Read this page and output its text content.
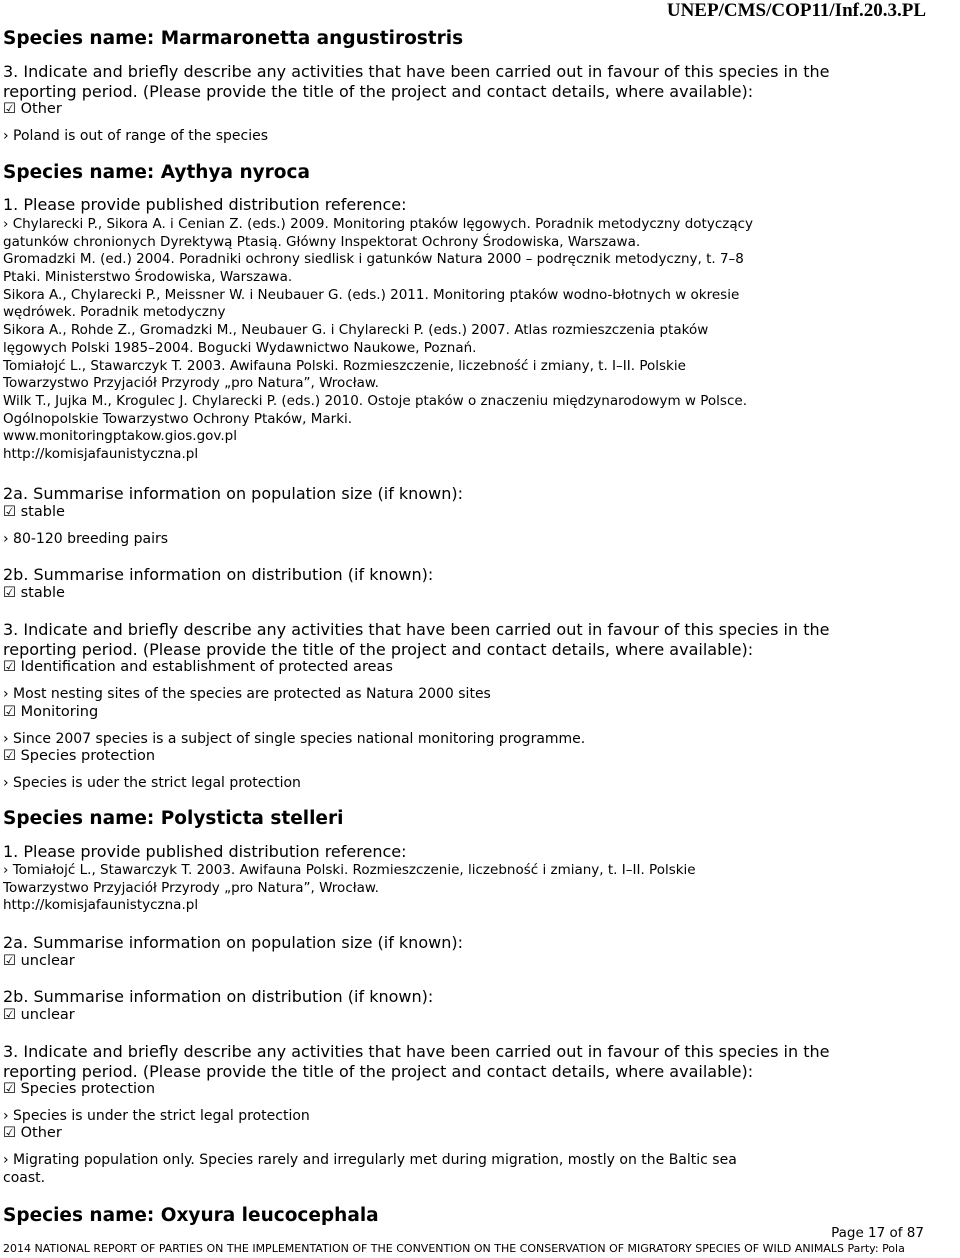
UNEP/CMS/COP11/Inf.20.3.PL
Species name: Marmaronetta angustirostris
3. Indicate and briefly describe any activities that have been carried out in favour of this species in the
reporting period. (Please provide the title of the project and contact details, where available):
☑ Other
› Poland is out of range of the species
Species name: Aythya nyroca
1. Please provide published distribution reference:
› Chylarecki P., Sikora A. i Cenian Z. (eds.) 2009. Monitoring ptaków lęgowych. Poradnik metodyczny dotyczący
gatunków chronionych Dyrektywą Ptasią. Główny Inspektorat Ochrony Środowiska, Warszawa.
Gromadzki M. (ed.) 2004. Poradniki ochrony siedlisk i gatunków Natura 2000 – podręcznik metodyczny, t. 7–8
Ptaki. Ministerstwo Środowiska, Warszawa.
Sikora A., Chylarecki P., Meissner W. i Neubauer G. (eds.) 2011. Monitoring ptaków wodno-błotnych w okresie
wędrówek. Poradnik metodyczny
Sikora A., Rohde Z., Gromadzki M., Neubauer G. i Chylarecki P. (eds.) 2007. Atlas rozmieszczenia ptaków
lęgowych Polski 1985–2004. Bogucki Wydawnictwo Naukowe, Poznań.
Tomiałojć L., Stawarczyk T. 2003. Awifauna Polski. Rozmieszczenie, liczebność i zmiany, t. I–II. Polskie
Towarzystwo Przyjaciół Przyrody „pro Natura”, Wrocław.
Wilk T., Jujka M., Krogulec J. Chylarecki P. (eds.) 2010. Ostoje ptaków o znaczeniu międzynarodowym w Polsce.
Ogólnopolskie Towarzystwo Ochrony Ptaków, Marki.
www.monitoringptakow.gios.gov.pl
http://komisjafaunistyczna.pl
2a. Summarise information on population size (if known):
☑ stable
› 80-120 breeding pairs
2b. Summarise information on distribution (if known):
☑ stable
3. Indicate and briefly describe any activities that have been carried out in favour of this species in the
reporting period. (Please provide the title of the project and contact details, where available):
☑ Identification and establishment of protected areas
› Most nesting sites of the species are protected as Natura 2000 sites
☑ Monitoring
› Since 2007 species is a subject of single species national monitoring programme.
☑ Species protection
› Species is uder the strict legal protection
Species name: Polysticta stelleri
1. Please provide published distribution reference:
› Tomiałojć L., Stawarczyk T. 2003. Awifauna Polski. Rozmieszczenie, liczebność i zmiany, t. I–II. Polskie
Towarzystwo Przyjaciół Przyrody „pro Natura”, Wrocław.
http://komisjafaunistyczna.pl
2a. Summarise information on population size (if known):
☑ unclear
2b. Summarise information on distribution (if known):
☑ unclear
3. Indicate and briefly describe any activities that have been carried out in favour of this species in the
reporting period. (Please provide the title of the project and contact details, where available):
☑ Species protection
› Species is under the strict legal protection
☑ Other
› Migrating population only. Species rarely and irregularly met during migration, mostly on the Baltic sea
coast.
Species name: Oxyura leucocephala
Page 17 of 87
2014 NATIONAL REPORT OF PARTIES ON THE IMPLEMENTATION OF THE CONVENTION ON THE CONSERVATION OF MIGRATORY SPECIES OF WILD ANIMALS Party: Pola
